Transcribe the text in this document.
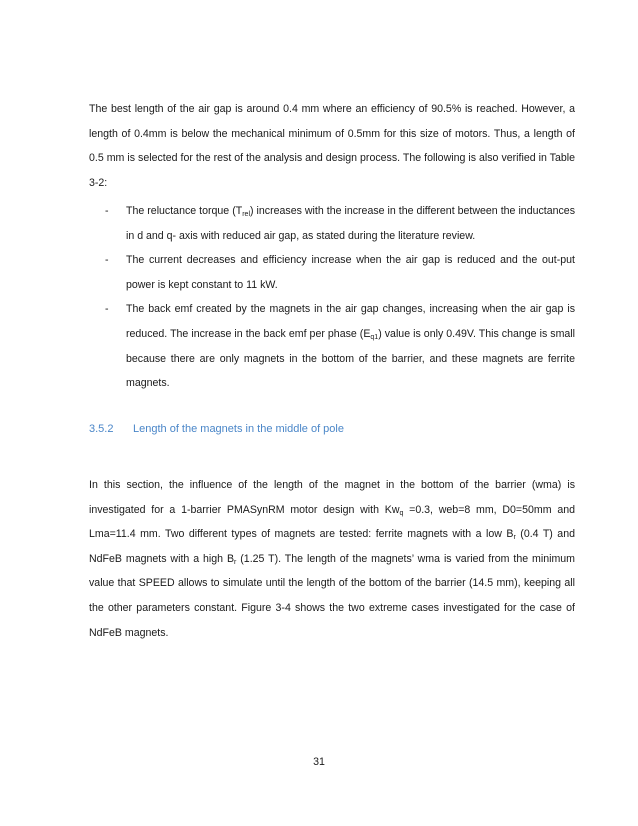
The best length of the air gap is around 0.4 mm where an efficiency of 90.5% is reached. However, a length of 0.4mm is below the mechanical minimum of 0.5mm for this size of motors. Thus, a length of 0.5 mm is selected for the rest of the analysis and design process. The following is also verified in Table 3-2:

- The reluctance torque $(T_{rel})$ increases with the increase in the different between the inductances in d and q- axis with reduced air gap, as stated during the literature review.
- The current decreases and efficiency increase when the air gap is reduced and the out-put power is kept constant to 11 kW.
- The back emf created by the magnets in the air gap changes, increasing when the air gap is reduced. The increase in the back emf per phase $(E_{q1})$ value is only 0.49V. This change is small because there are only magnets in the bottom of the barrier, and these magnets are ferrite magnets.
3.5.2 Length of the magnets in the middle of pole

In this section, the influence of the length of the magnet in the bottom of the barrier (wma) is investigated for a 1-barrier PMASynRM motor design with $Kw_q =0.3$, web=8 mm, D0=50mm and Lma=11.4 mm. Two different types of magnets are tested: ferrite magnets with a low $B_r$ (0.4 T) and NdFeB magnets with a high $B_r$ (1.25 T). The length of the magnets’ wma is varied from the minimum value that SPEED allows to simulate until the length of the bottom of the barrier (14.5 mm), keeping all the other parameters constant. Figure 3-4 shows the two extreme cases investigated for the case of NdFeB magnets.

31
